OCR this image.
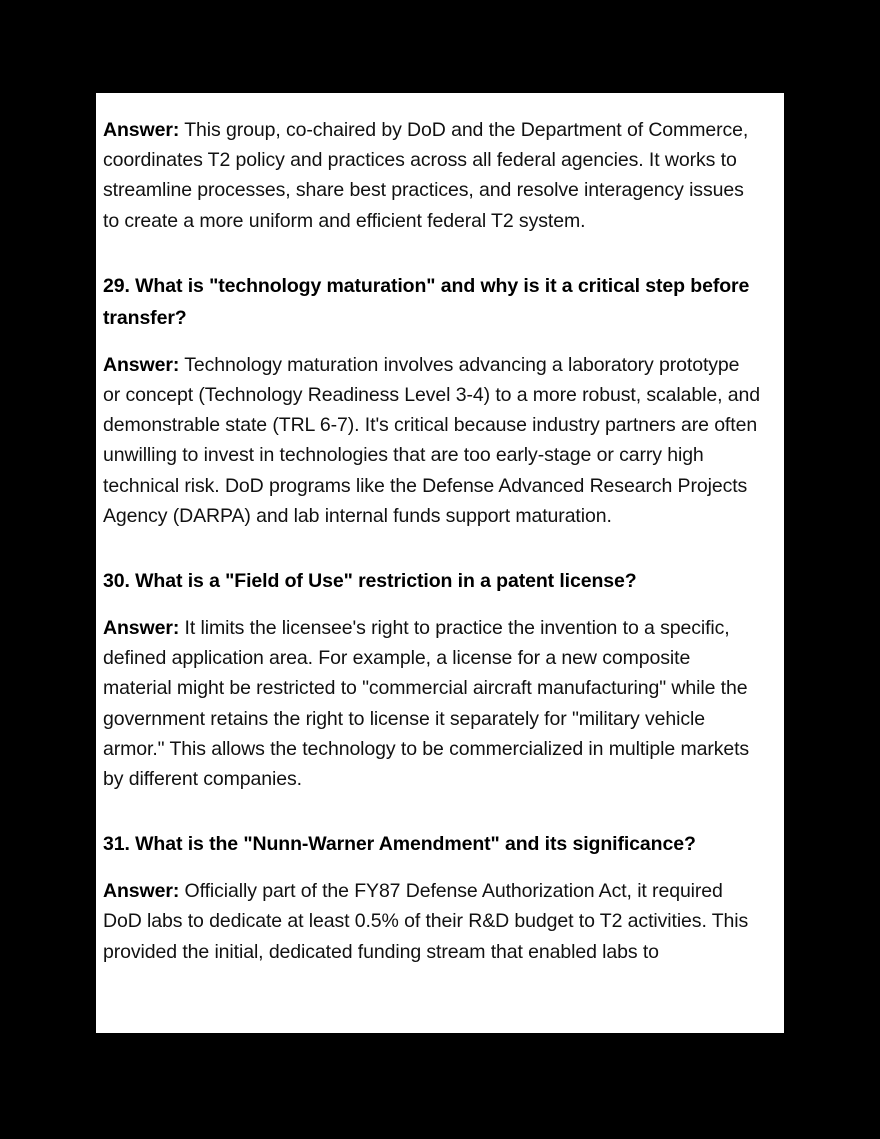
Answer: This group, co-chaired by DoD and the Department of Commerce, coordinates T2 policy and practices across all federal agencies. It works to streamline processes, share best practices, and resolve interagency issues to create a more uniform and efficient federal T2 system.

29. What is "technology maturation" and why is it a critical step before transfer?

Answer: Technology maturation involves advancing a laboratory prototype or concept (Technology Readiness Level 3-4) to a more robust, scalable, and demonstrable state (TRL 6-7). It's critical because industry partners are often unwilling to invest in technologies that are too early-stage or carry high technical risk. DoD programs like the Defense Advanced Research Projects Agency (DARPA) and lab internal funds support maturation.

30. What is a "Field of Use" restriction in a patent license?

Answer: It limits the licensee's right to practice the invention to a specific, defined application area. For example, a license for a new composite material might be restricted to "commercial aircraft manufacturing" while the government retains the right to license it separately for "military vehicle armor." This allows the technology to be commercialized in multiple markets by different companies.

31. What is the "Nunn-Warner Amendment" and its significance?

Answer: Officially part of the FY87 Defense Authorization Act, it required DoD labs to dedicate at least 0.5% of their R&D budget to T2 activities. This provided the initial, dedicated funding stream that enabled labs to
